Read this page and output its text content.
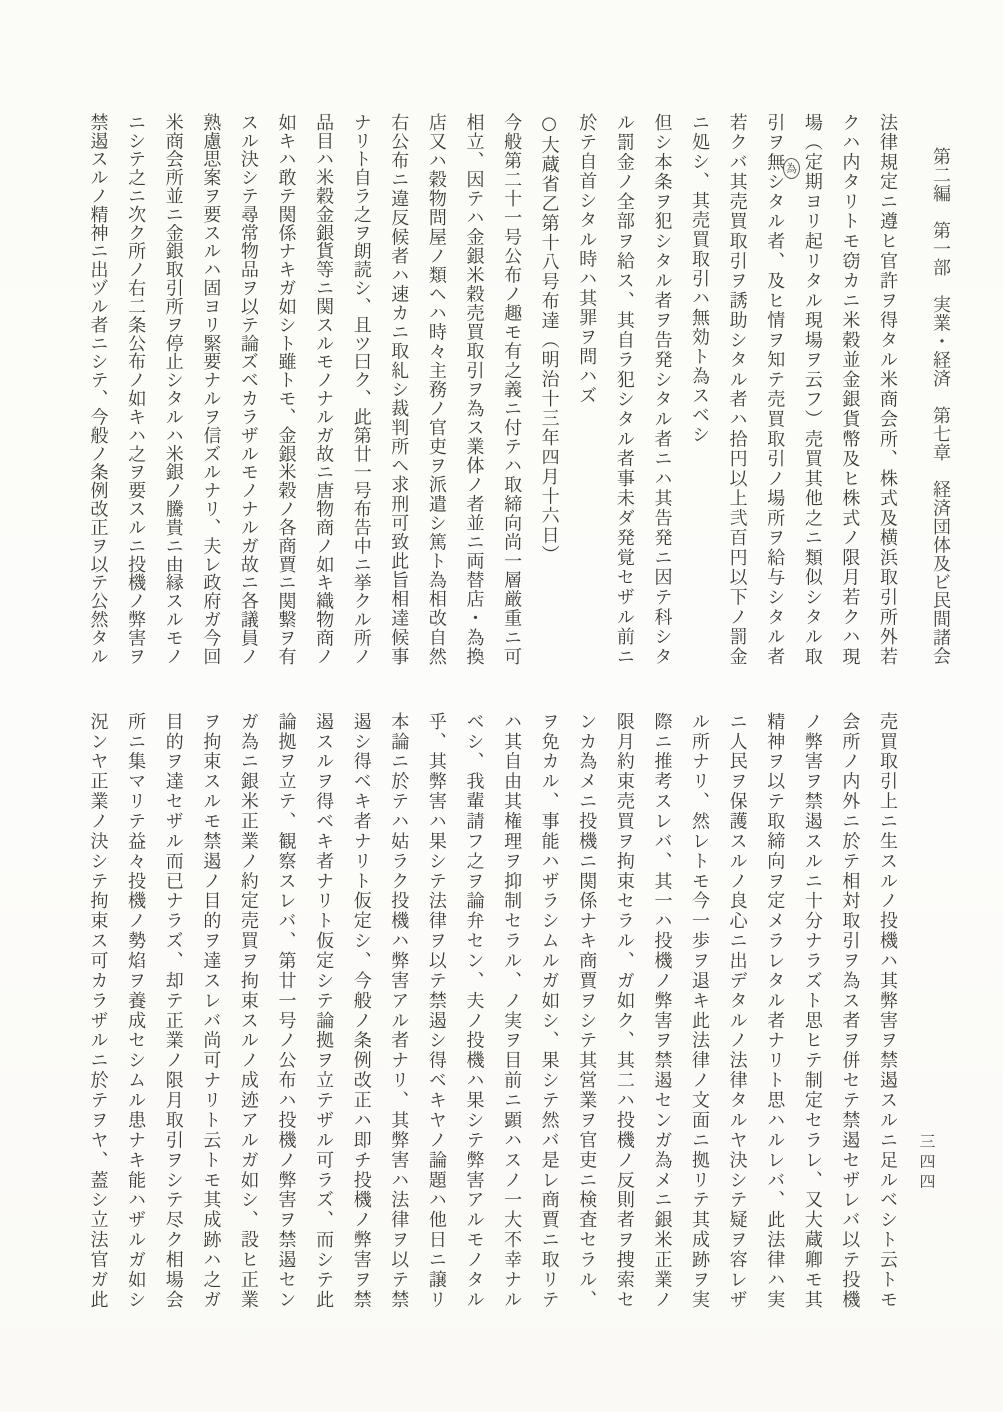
第二編　第一部　実業・経済　第七章　経済団体及ビ民間諸会

法律規定ニ遵ヒ官許ヲ得タル米商会所、株式及横浜取引所外若

クハ内タリトモ窃カニ米穀並金銀貨幣及ヒ株式ノ限月若クハ現

場（定期ヨリ起リタル現場ヲ云フ）売買其他之ニ類似シタル取

引ヲ無シタル者、及ヒ情ヲ知テ売買取引ノ場所ヲ給与シタル者

若クバ其売買取引ヲ誘助シタル者ハ拾円以上弐百円以下ノ罰金

ニ処シ、其売買取引ハ無効ト為スベシ

但シ本条ヲ犯シタル者ヲ告発シタル者ニハ其告発ニ因テ科シタ

ル罰金ノ全部ヲ給ス、其自ラ犯シタル者事未ダ発覚セザル前ニ

於テ自首シタル時ハ其罪ヲ問ハズ

○大蔵省乙第十八号布達（明治十三年四月十六日）

今般第二十一号公布ノ趣モ有之義ニ付テハ取締向尚一層厳重ニ可

相立、因テハ金銀米穀売買取引ヲ為ス業体ノ者並ニ両替店・為換

店又ハ穀物問屋ノ類ヘハ時々主務ノ官吏ヲ派遣シ篤ト為相改自然

右公布ニ違反候者ハ速カニ取糺シ裁判所ヘ求刑可致此旨相達候事

ナリト自ラ之ヲ朗読シ、且ツ曰ク、此第廿一号布告中ニ挙クル所ノ

品目ハ米穀金銀貨等ニ関スルモノナルガ故ニ唐物商ノ如キ織物商ノ

如キハ敢テ関係ナキガ如シト雖トモ、金銀米穀ノ各商賈ニ関繋ヲ有

スル決シテ尋常物品ヲ以テ論ズベカラザルモノナルガ故ニ各議員ノ

熟慮思案ヲ要スルハ固ヨリ緊要ナルヲ信ズルナリ、夫レ政府ガ今回

米商会所並ニ金銀取引所ヲ停止シタルハ米銀ノ騰貴ニ由縁スルモノ

ニシテ之ニ次ク所ノ右二条公布ノ如キハ之ヲ要スルニ投機ノ弊害ヲ

禁遏スルノ精神ニ出ヅル者ニシテ、今般ノ条例改正ヲ以テ公然タル	為

売買取引上ニ生スルノ投機ハ其弊害ヲ禁遏スルニ足ルベシト云トモ

会所ノ内外ニ於テ相対取引ヲ為ス者ヲ併セテ禁遏セザレバ以テ投機

ノ弊害ヲ禁遏スルニ十分ナラズト思ヒテ制定セラレ、又大蔵卿モ其

精神ヲ以テ取締向ヲ定メラレタル者ナリト思ハルレバ、此法律ハ実

ニ人民ヲ保護スルノ良心ニ出デタルノ法律タルヤ決シテ疑ヲ容レザ

ル所ナリ、然レトモ今一歩ヲ退キ此法律ノ文面ニ拠リテ其成跡ヲ実

際ニ推考スレバ、其一ハ投機ノ弊害ヲ禁遏センガ為メニ銀米正業ノ

限月約束売買ヲ拘束セラル、ガ如ク、其二ハ投機ノ反則者ヲ捜索セ

ンカ為メニ投機ニ関係ナキ商賈ヲシテ其営業ヲ官吏ニ検査セラル、

ヲ免カル、事能ハザラシムルガ如シ、果シテ然バ是レ商賈ニ取リテ

ハ其自由其権理ヲ抑制セラル、ノ実ヲ目前ニ顕ハスノ一大不幸ナル

ベシ、我輩請フ之ヲ論弁セン、夫ノ投機ハ果シテ弊害アルモノタル

乎、其弊害ハ果シテ法律ヲ以テ禁遏シ得ベキヤノ論題ハ他日ニ譲リ

本論ニ於テハ姑ラク投機ハ弊害アル者ナリ、其弊害ハ法律ヲ以テ禁

遏シ得ベキ者ナリト仮定シ、今般ノ条例改正ハ即チ投機ノ弊害ヲ禁

遏スルヲ得ベキ者ナリト仮定シテ論拠ヲ立テザル可ラズ、而シテ此

論拠ヲ立テ、観察スレバ、第廿一号ノ公布ハ投機ノ弊害ヲ禁遏セン

ガ為ニ銀米正業ノ約定売買ヲ拘束スルノ成迹アルガ如シ、設ヒ正業

ヲ拘束スルモ禁遏ノ目的ヲ達スレバ尚可ナリト云トモ其成跡ハ之ガ

目的ヲ達セザル而已ナラズ、却テ正業ノ限月取引ヲシテ尽ク相場会

所ニ集マリテ益々投機ノ勢焰ヲ養成セシムル患ナキ能ハザルガ如シ

況ンヤ正業ノ決シテ拘束ス可カラザルニ於テヲヤ、蓋シ立法官ガ此	三四四
